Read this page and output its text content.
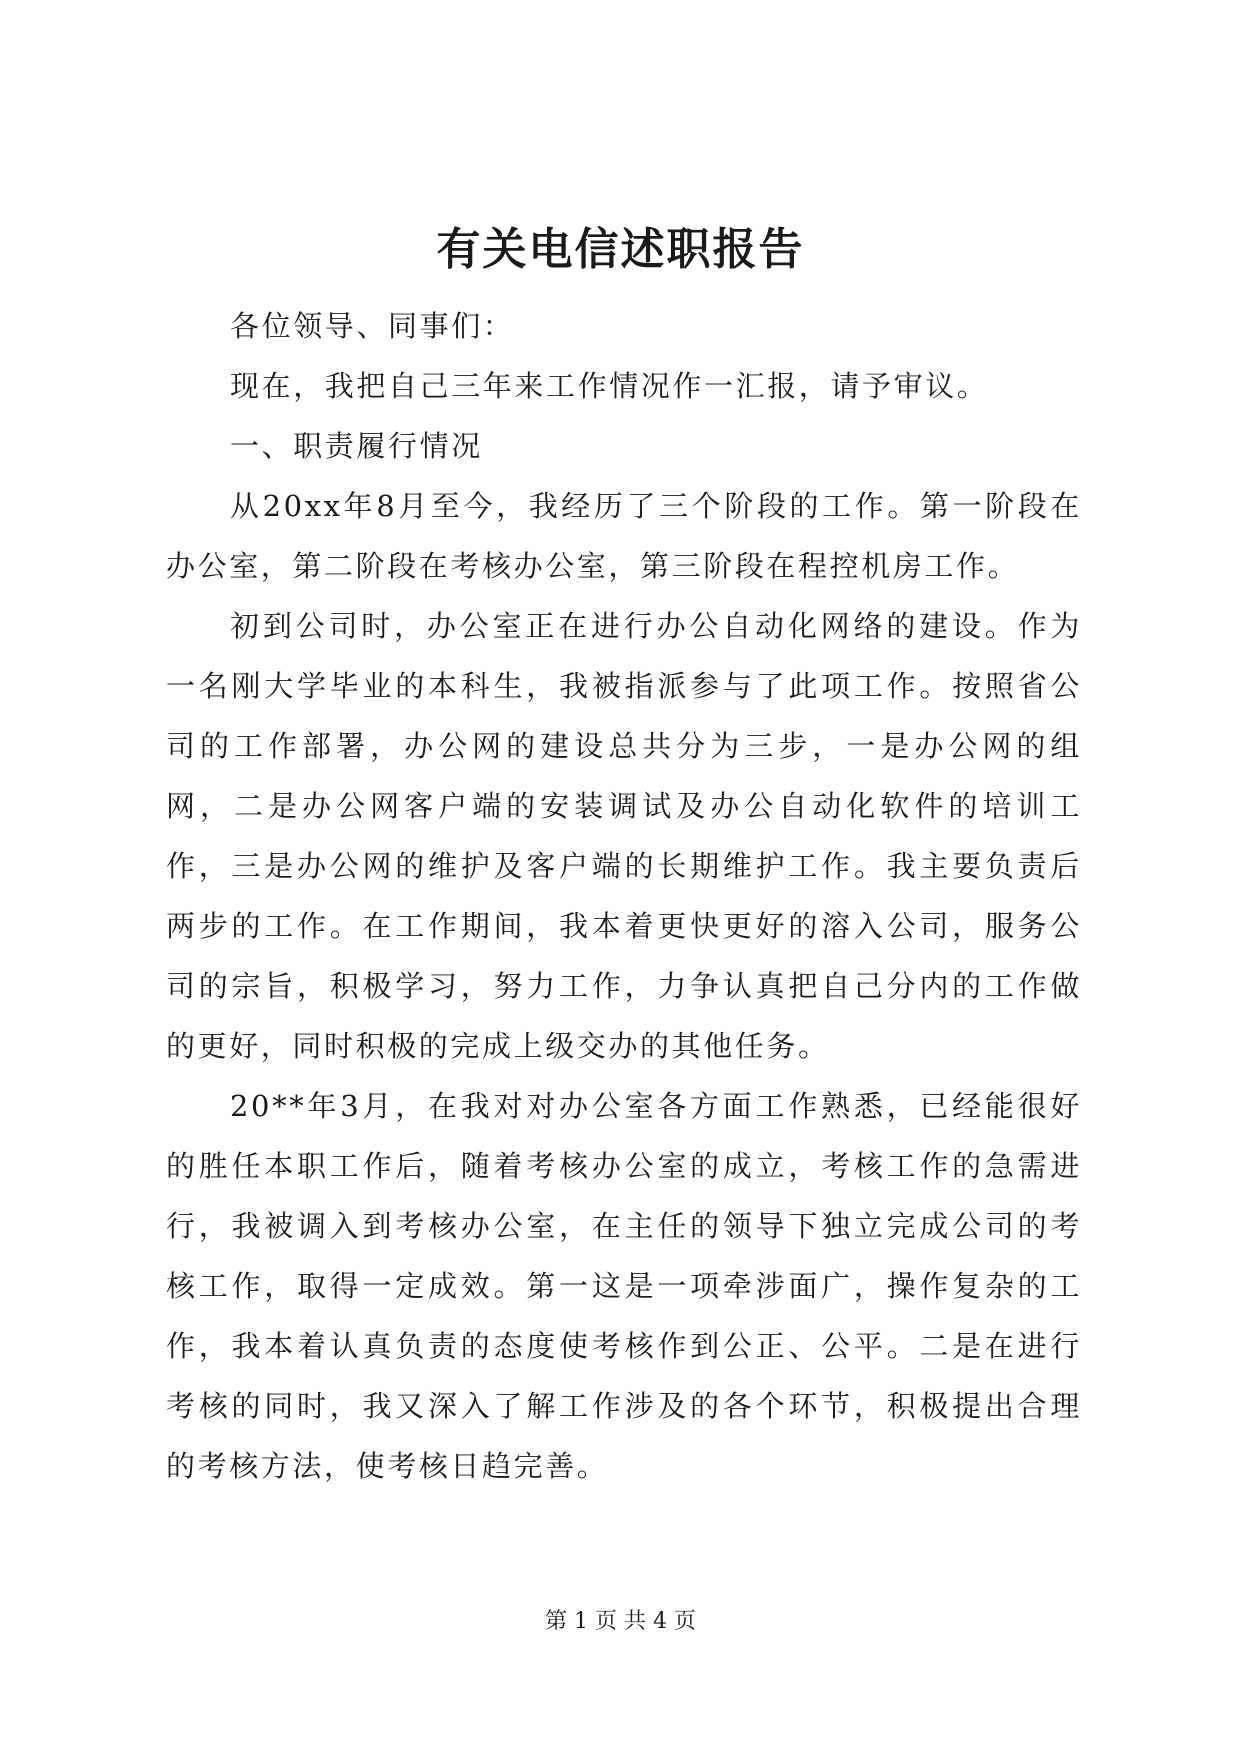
有关电信述职报告

各位领导、同事们：

现在，我把自己三年来工作情况作一汇报，请予审议。

一、职责履行情况

从20xx年8月至今，我经历了三个阶段的工作。第一阶段在办公室，第二阶段在考核办公室，第三阶段在程控机房工作。

初到公司时，办公室正在进行办公自动化网络的建设。作为一名刚大学毕业的本科生，我被指派参与了此项工作。按照省公司的工作部署，办公网的建设总共分为三步，一是办公网的组网，二是办公网客户端的安装调试及办公自动化软件的培训工作，三是办公网的维护及客户端的长期维护工作。我主要负责后两步的工作。在工作期间，我本着更快更好的溶入公司，服务公司的宗旨，积极学习，努力工作，力争认真把自己分内的工作做的更好，同时积极的完成上级交办的其他任务。

20**年3月，在我对对办公室各方面工作熟悉，已经能很好的胜任本职工作后，随着考核办公室的成立，考核工作的急需进行，我被调入到考核办公室，在主任的领导下独立完成公司的考核工作，取得一定成效。第一这是一项牵涉面广，操作复杂的工作，我本着认真负责的态度使考核作到公正、公平。二是在进行考核的同时，我又深入了解工作涉及的各个环节，积极提出合理的考核方法，使考核日趋完善。

第 1 页 共 4 页
